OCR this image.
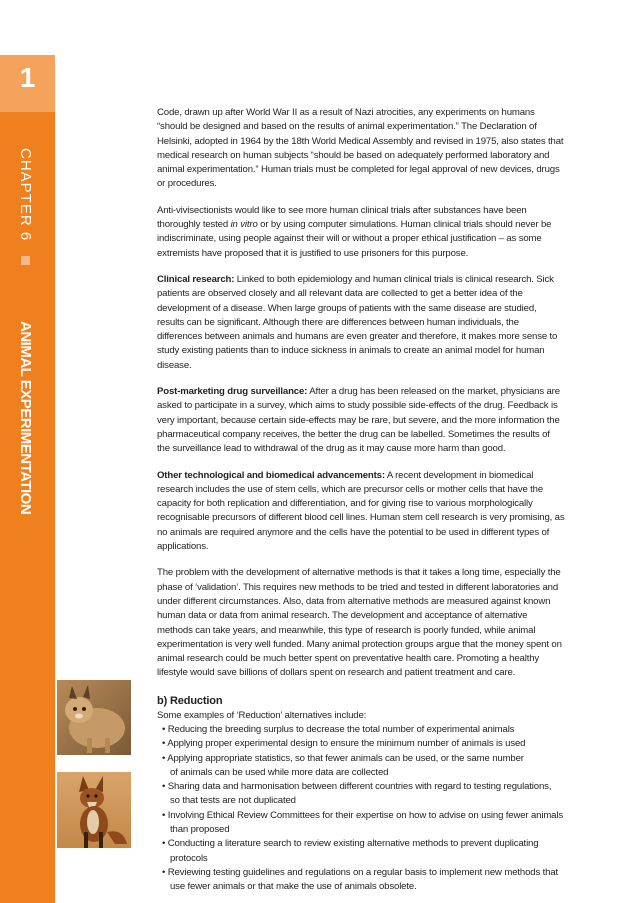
1
CHAPTER 6  ANIMAL EXPERIMENTATION

Code, drawn up after World War II as a result of Nazi atrocities, any experiments on humans “should be designed and based on the results of animal experimentation.” The Declaration of Helsinki, adopted in 1964 by the 18th World Medical Assembly and revised in 1975, also states that medical research on human subjects “should be based on adequately performed laboratory and animal experimentation.” Human trials must be completed for legal approval of new devices, drugs or procedures.

Anti-vivisectionists would like to see more human clinical trials after substances have been thoroughly tested in vitro or by using computer simulations. Human clinical trials should never be indiscriminate, using people against their will or without a proper ethical justification – as some extremists have proposed that it is justified to use prisoners for this purpose.

Clinical research: Linked to both epidemiology and human clinical trials is clinical research. Sick patients are observed closely and all relevant data are collected to get a better idea of the development of a disease. When large groups of patients with the same disease are studied, results can be significant. Although there are differences between human individuals, the differences between animals and humans are even greater and therefore, it makes more sense to study existing patients than to induce sickness in animals to create an animal model for human disease.

Post-marketing drug surveillance: After a drug has been released on the market, physicians are asked to participate in a survey, which aims to study possible side-effects of the drug. Feedback is very important, because certain side-effects may be rare, but severe, and the more information the pharmaceutical company receives, the better the drug can be labelled. Sometimes the results of the surveillance lead to withdrawal of the drug as it may cause more harm than good.

Other technological and biomedical advancements: A recent development in biomedical research includes the use of stem cells, which are precursor cells or mother cells that have the capacity for both replication and differentiation, and for giving rise to various morphologically recognisable precursors of different blood cell lines. Human stem cell research is very promising, as no animals are required anymore and the cells have the potential to be used in different types of applications.

The problem with the development of alternative methods is that it takes a long time, especially the phase of ‘validation’. This requires new methods to be tried and tested in different laboratories and under different circumstances. Also, data from alternative methods are measured against known human data or data from animal research. The development and acceptance of alternative methods can take years, and meanwhile, this type of research is poorly funded, while animal experimentation is very well funded. Many animal protection groups argue that the money spent on animal research could be much better spent on preventative health care. Promoting a healthy lifestyle would save billions of dollars spent on research and patient treatment and care.

b) Reduction
Some examples of ‘Reduction’ alternatives include:
• Reducing the breeding surplus to decrease the total number of experimental animals
• Applying proper experimental design to ensure the minimum number of animals is used
• Applying appropriate statistics, so that fewer animals can be used, or the same number
of animals can be used while more data are collected
• Sharing data and harmonisation between different countries with regard to testing regulations,
so that tests are not duplicated
• Involving Ethical Review Committees for their expertise on how to advise on using fewer animals
than proposed
• Conducting a literature search to review existing alternative methods to prevent duplicating
protocols
• Reviewing testing guidelines and regulations on a regular basis to implement new methods that
use fewer animals or that make the use of animals obsolete.
